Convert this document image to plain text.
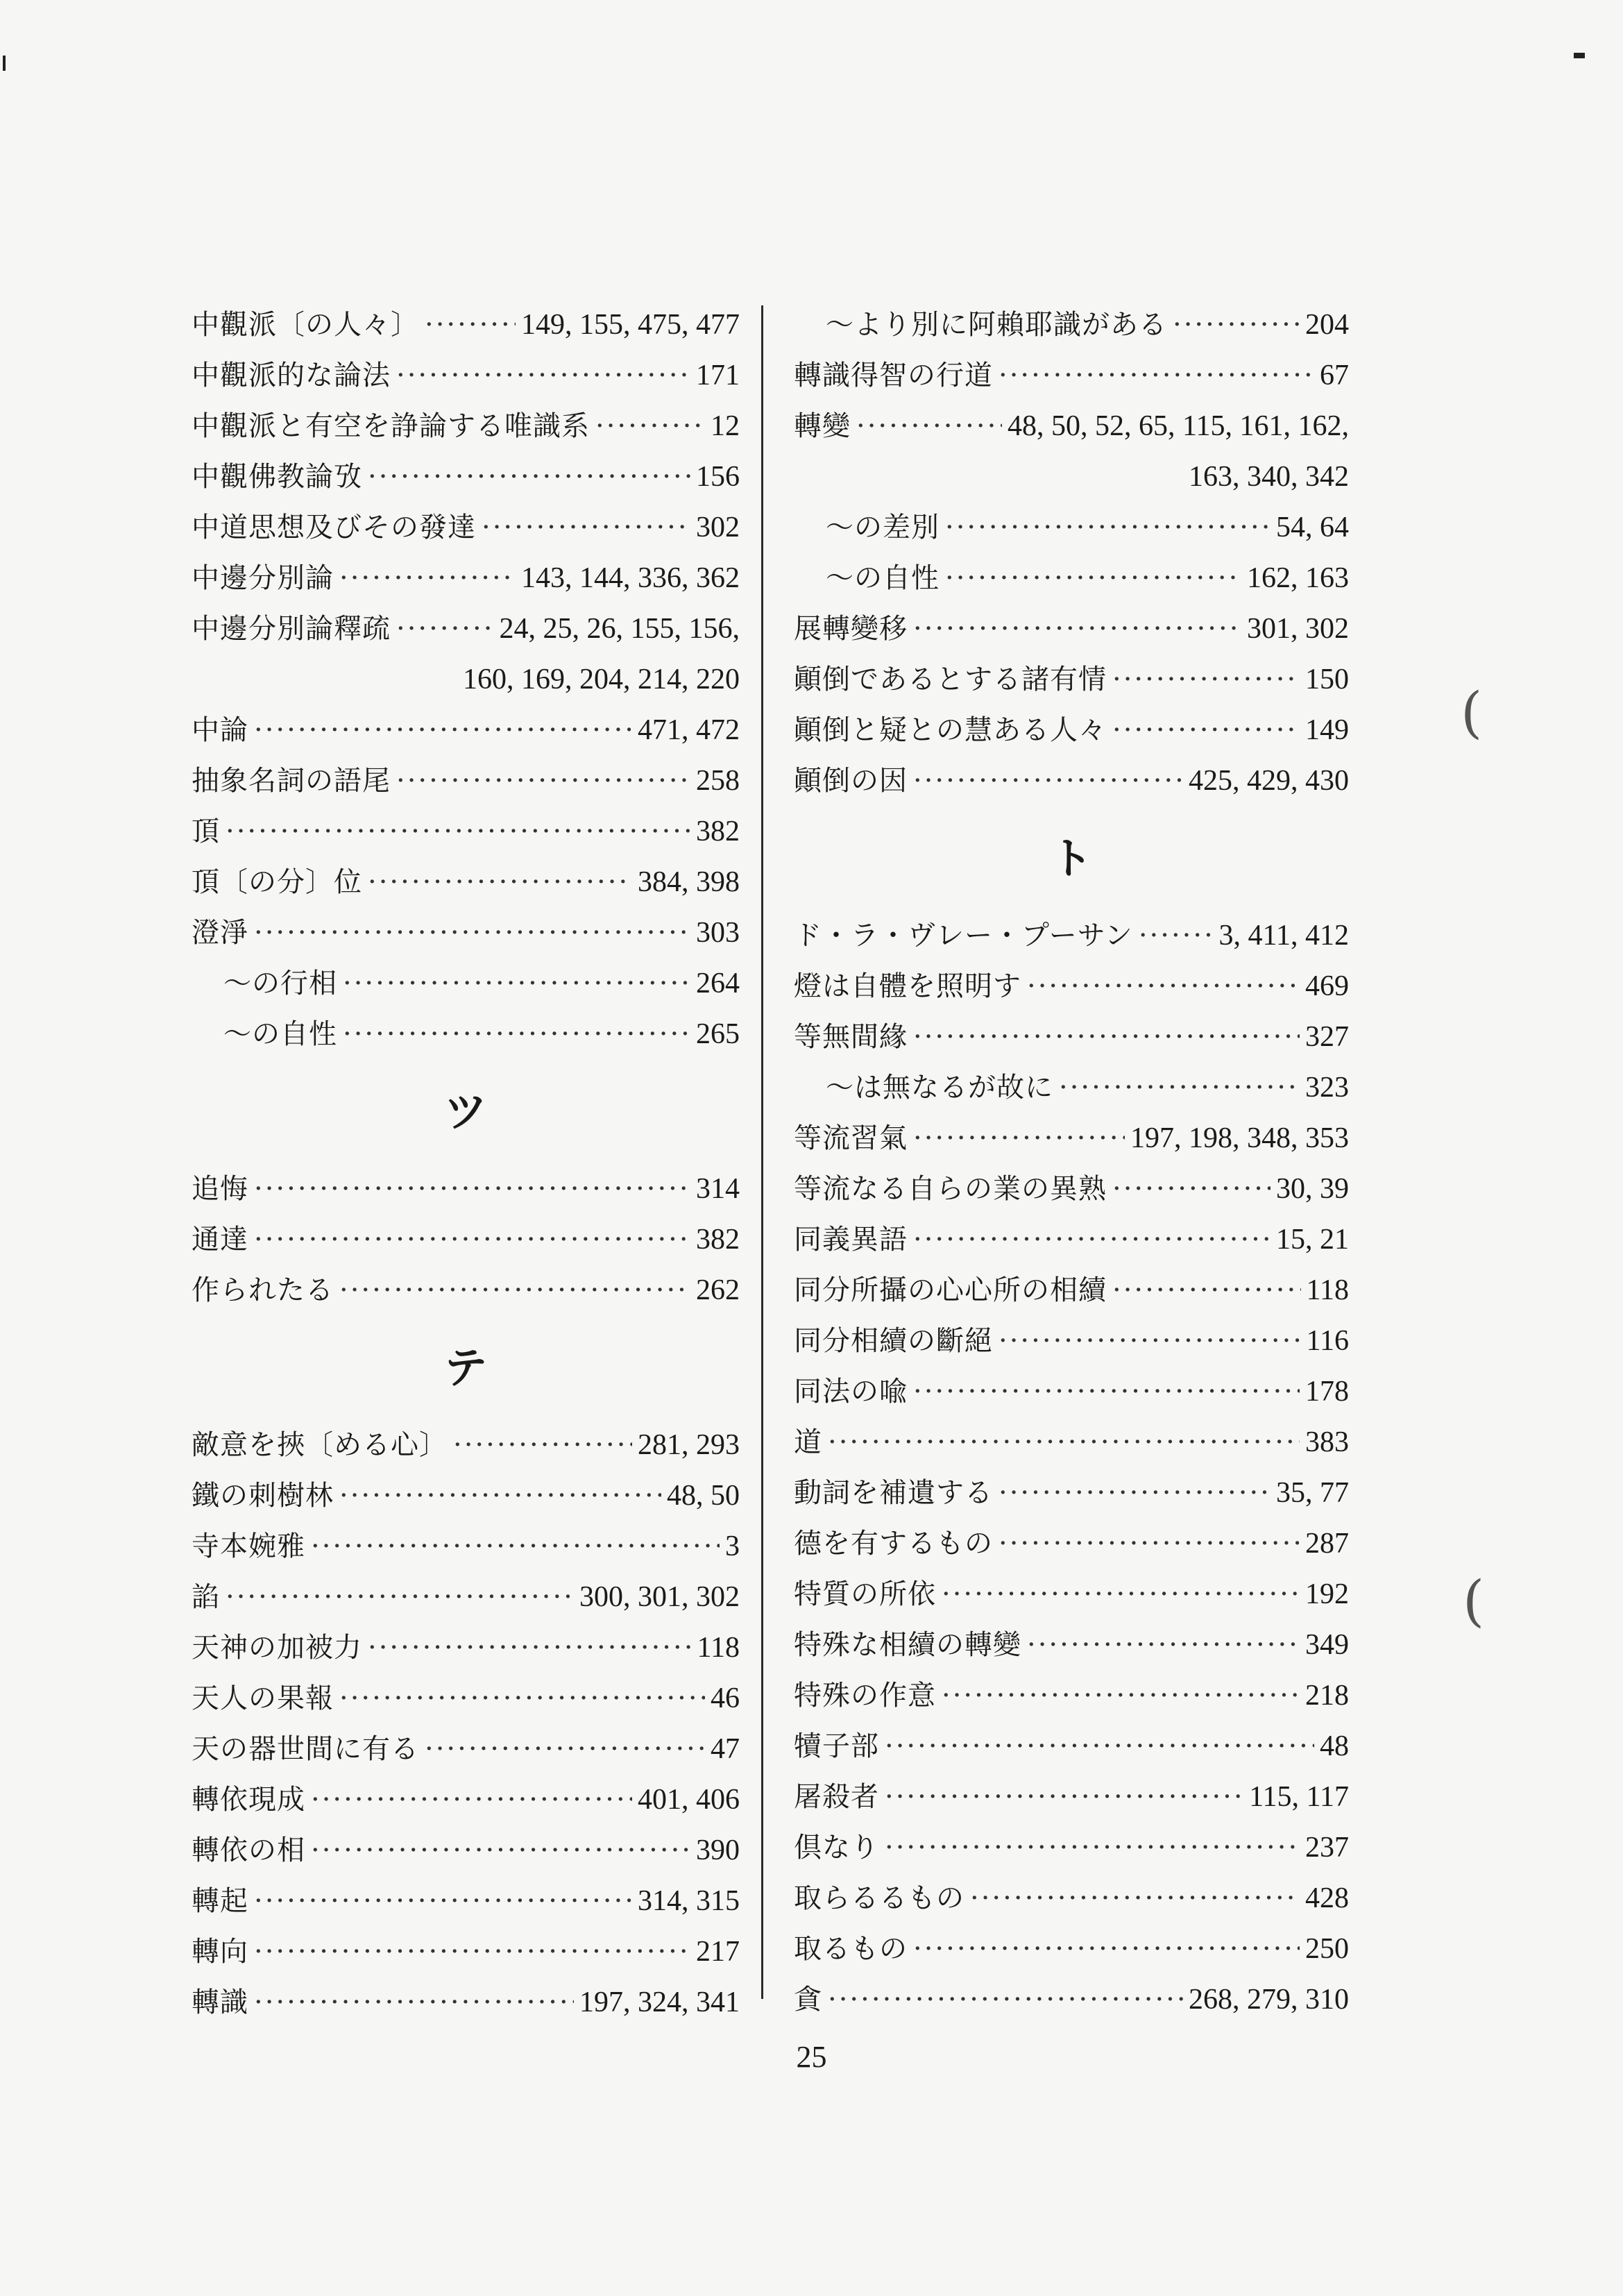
(
(
中觀派〔の人々〕 ·····	149, 155, 475, 477
中觀派的な論法 ·····	171
中觀派と有空を諍論する唯識系 ·····	12
中觀佛教論攷 ·····	156
中道思想及びその發達 ·····	302
中邊分別論 ·····	143, 144, 336, 362
中邊分別論釋疏 ·····	24, 25, 26, 155, 156,
160, 169, 204, 214, 220
中論 ·····	471, 472
抽象名詞の語尾 ·····	258
頂 ·····	382
頂〔の分〕位 ·····	384, 398
澄淨 ·····	303
～の行相 ·····	264
～の自性 ·····	265
ツ
追悔 ·····	314
通達 ·····	382
作られたる ·····	262
テ
敵意を挾〔める心〕 ·····	281, 293
鐵の刺樹林 ·····	48, 50
寺本婉雅 ·····	3
諂 ·····	300, 301, 302
天神の加被力 ·····	118
天人の果報 ·····	46
天の器世間に有る ·····	47
轉依現成 ·····	401, 406
轉依の相 ·····	390
轉起 ·····	314, 315
轉向 ·····	217
轉識 ·····	197, 324, 341
～より別に阿賴耶識がある ·····	204
轉識得智の行道 ·····	67
轉變 ·····	48, 50, 52, 65, 115, 161, 162,
163, 340, 342
～の差別 ·····	54, 64
～の自性 ·····	162, 163
展轉變移 ·····	301, 302
顚倒であるとする諸有情 ·····	150
顚倒と疑との慧ある人々 ·····	149
顚倒の因 ·····	425, 429, 430
ト
ド・ラ・ヴレー・プーサン ·····	3, 411, 412
燈は自體を照明す ·····	469
等無間緣 ·····	327
～は無なるが故に ·····	323
等流習氣 ·····	197, 198, 348, 353
等流なる自らの業の異熟 ·····	30, 39
同義異語 ·····	15, 21
同分所攝の心心所の相續 ·····	118
同分相續の斷絕 ·····	116
同法の喩 ·····	178
道 ·····	383
動詞を補遺する ·····	35, 77
德を有するもの ·····	287
特質の所依 ·····	192
特殊な相續の轉變 ·····	349
特殊の作意 ·····	218
犢子部 ·····	48
屠殺者 ·····	115, 117
倶なり ·····	237
取らるるもの ·····	428
取るもの ·····	250
貪 ·····	268, 279, 310
25
